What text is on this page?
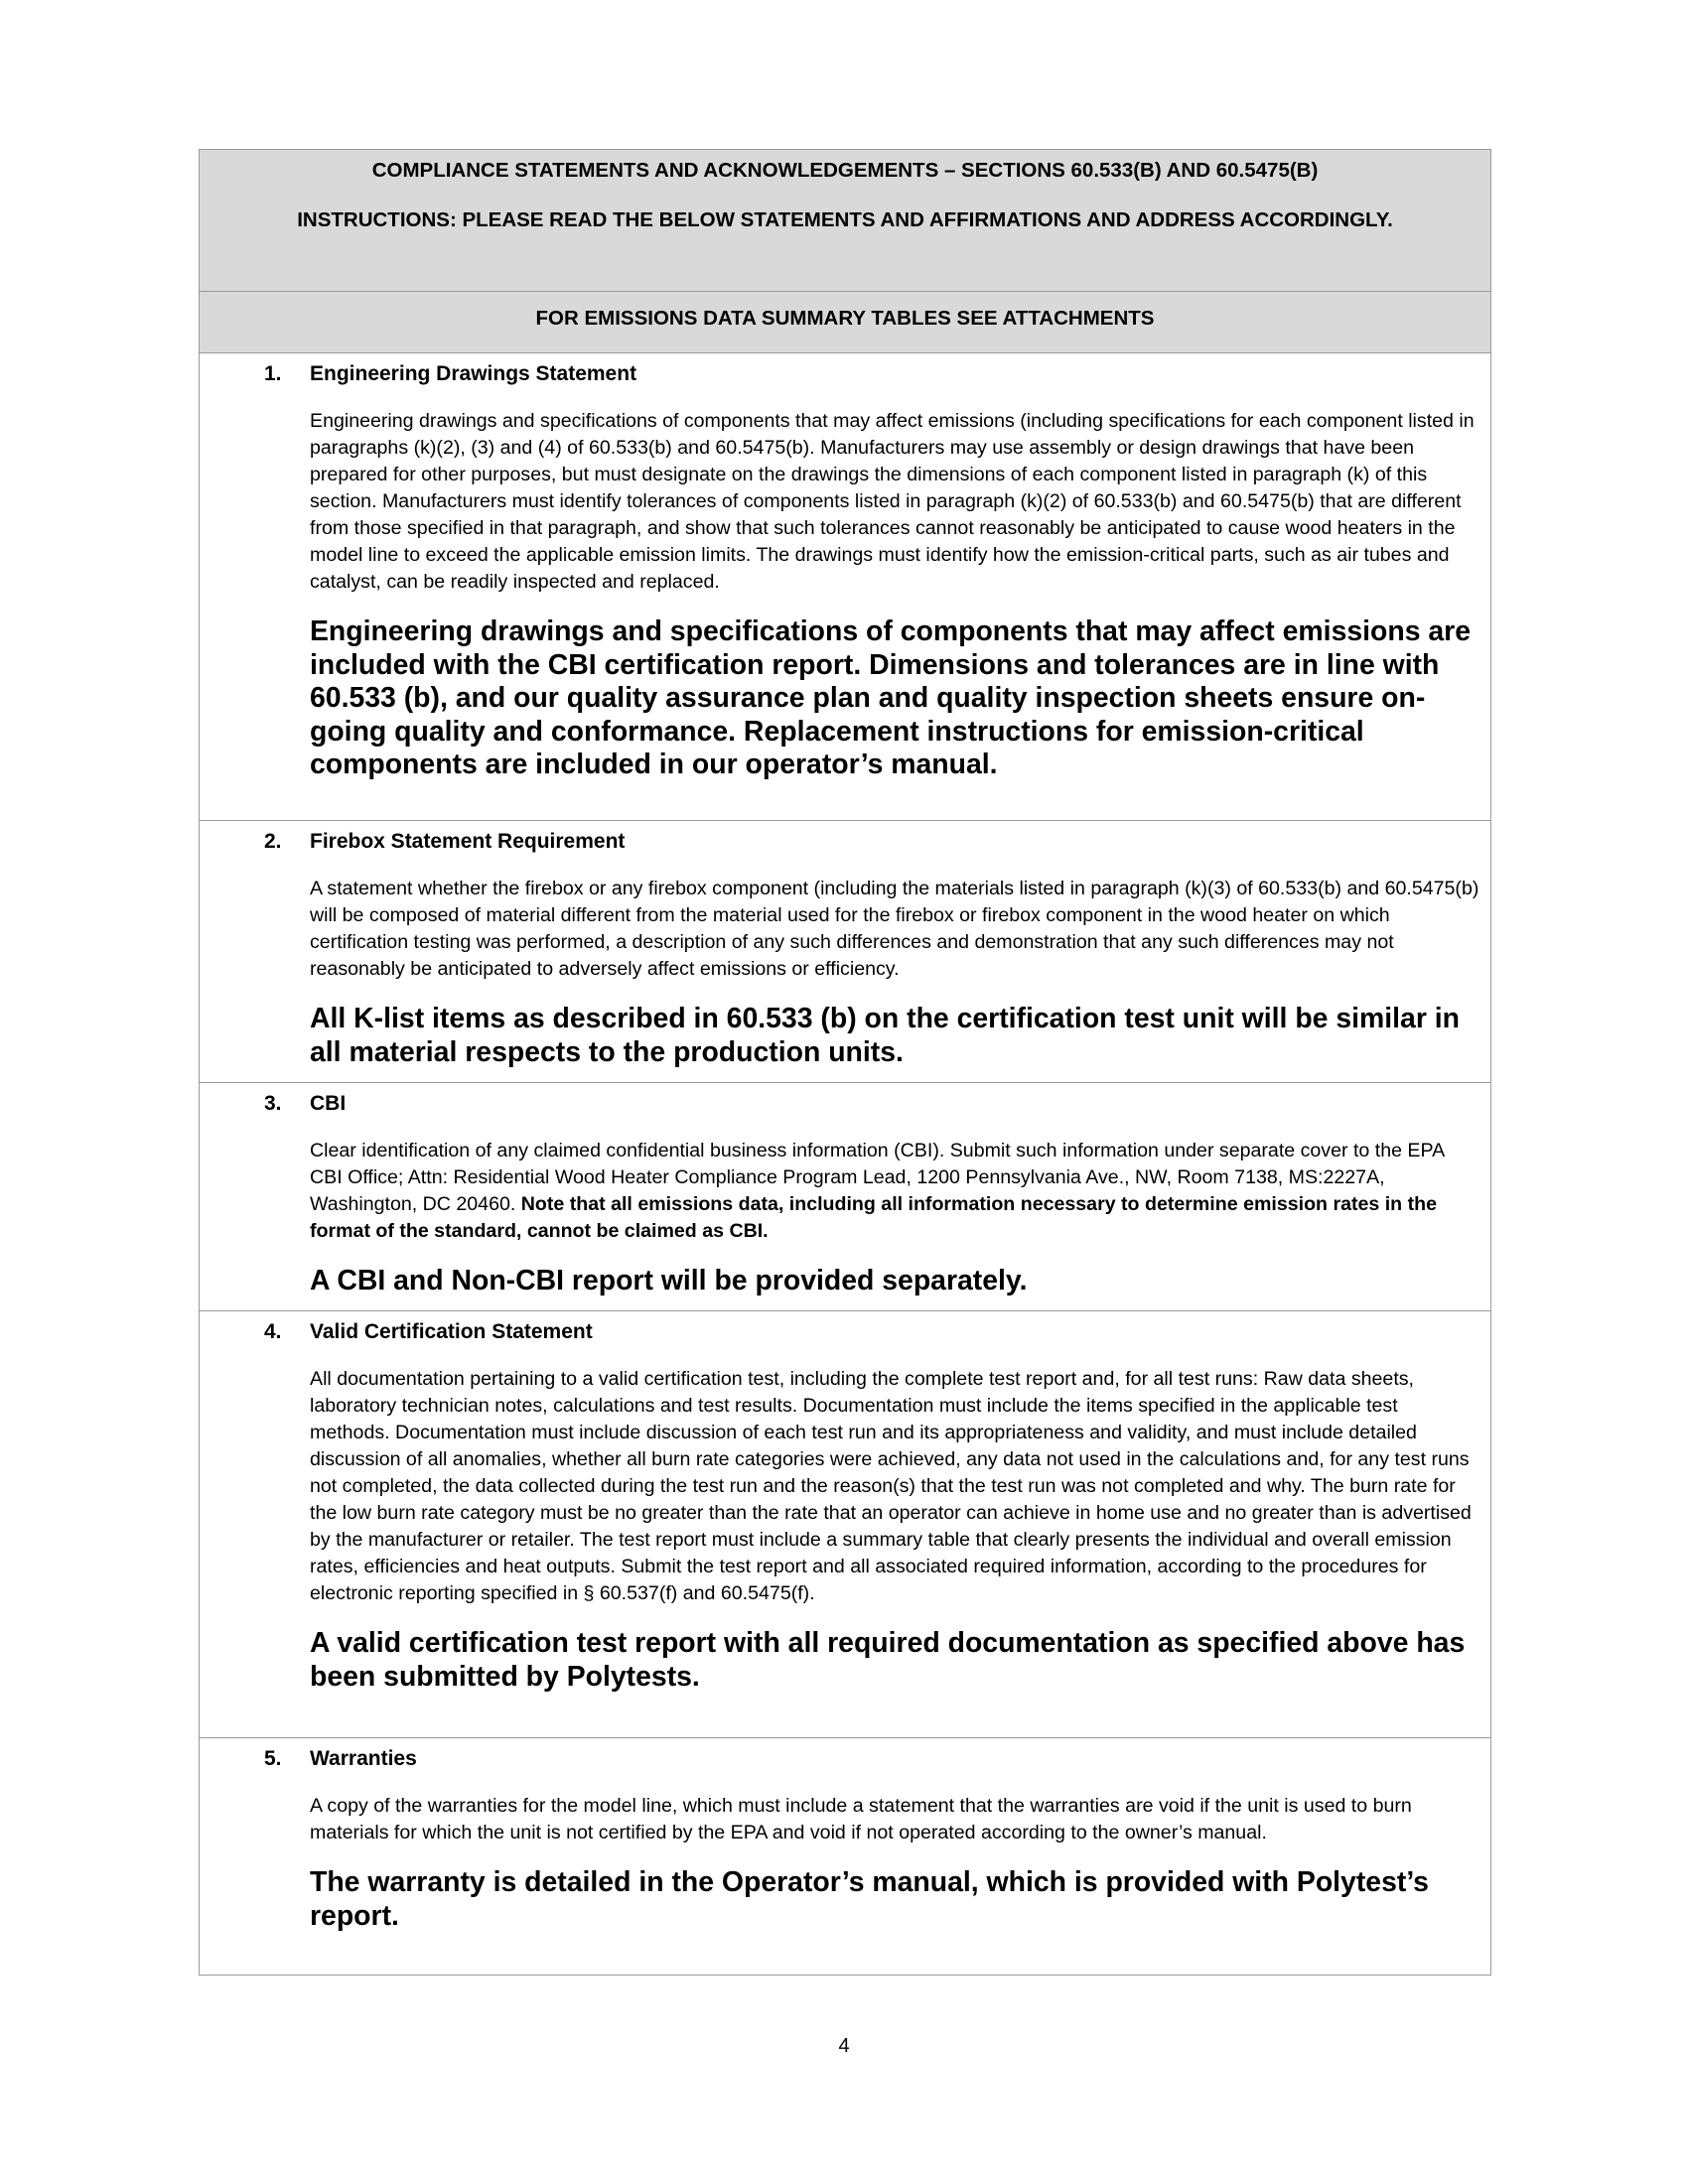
COMPLIANCE STATEMENTS AND ACKNOWLEDGEMENTS – SECTIONS 60.533(B) AND 60.5475(B)
INSTRUCTIONS: PLEASE READ THE BELOW STATEMENTS AND AFFIRMATIONS AND ADDRESS ACCORDINGLY.
FOR EMISSIONS DATA SUMMARY TABLES SEE ATTACHMENTS
1. Engineering Drawings Statement
Engineering drawings and specifications of components that may affect emissions (including specifications for each component listed in paragraphs (k)(2), (3) and (4) of 60.533(b) and 60.5475(b). Manufacturers may use assembly or design drawings that have been prepared for other purposes, but must designate on the drawings the dimensions of each component listed in paragraph (k) of this section. Manufacturers must identify tolerances of components listed in paragraph (k)(2) of 60.533(b) and 60.5475(b) that are different from those specified in that paragraph, and show that such tolerances cannot reasonably be anticipated to cause wood heaters in the model line to exceed the applicable emission limits. The drawings must identify how the emission-critical parts, such as air tubes and catalyst, can be readily inspected and replaced.
Engineering drawings and specifications of components that may affect emissions are included with the CBI certification report. Dimensions and tolerances are in line with 60.533 (b), and our quality assurance plan and quality inspection sheets ensure on-going quality and conformance. Replacement instructions for emission-critical components are included in our operator’s manual.
2. Firebox Statement Requirement
A statement whether the firebox or any firebox component (including the materials listed in paragraph (k)(3) of 60.533(b) and 60.5475(b) will be composed of material different from the material used for the firebox or firebox component in the wood heater on which certification testing was performed, a description of any such differences and demonstration that any such differences may not reasonably be anticipated to adversely affect emissions or efficiency.
All K-list items as described in 60.533 (b) on the certification test unit will be similar in all material respects to the production units.
3. CBI
Clear identification of any claimed confidential business information (CBI). Submit such information under separate cover to the EPA CBI Office; Attn: Residential Wood Heater Compliance Program Lead, 1200 Pennsylvania Ave., NW, Room 7138, MS:2227A, Washington, DC 20460. Note that all emissions data, including all information necessary to determine emission rates in the format of the standard, cannot be claimed as CBI.
A CBI and Non-CBI report will be provided separately.
4. Valid Certification Statement
All documentation pertaining to a valid certification test, including the complete test report and, for all test runs: Raw data sheets, laboratory technician notes, calculations and test results. Documentation must include the items specified in the applicable test methods. Documentation must include discussion of each test run and its appropriateness and validity, and must include detailed discussion of all anomalies, whether all burn rate categories were achieved, any data not used in the calculations and, for any test runs not completed, the data collected during the test run and the reason(s) that the test run was not completed and why. The burn rate for the low burn rate category must be no greater than the rate that an operator can achieve in home use and no greater than is advertised by the manufacturer or retailer. The test report must include a summary table that clearly presents the individual and overall emission rates, efficiencies and heat outputs. Submit the test report and all associated required information, according to the procedures for electronic reporting specified in § 60.537(f) and 60.5475(f).
A valid certification test report with all required documentation as specified above has been submitted by Polytests.
5. Warranties
A copy of the warranties for the model line, which must include a statement that the warranties are void if the unit is used to burn materials for which the unit is not certified by the EPA and void if not operated according to the owner’s manual.
The warranty is detailed in the Operator’s manual, which is provided with Polytest’s report.
4
